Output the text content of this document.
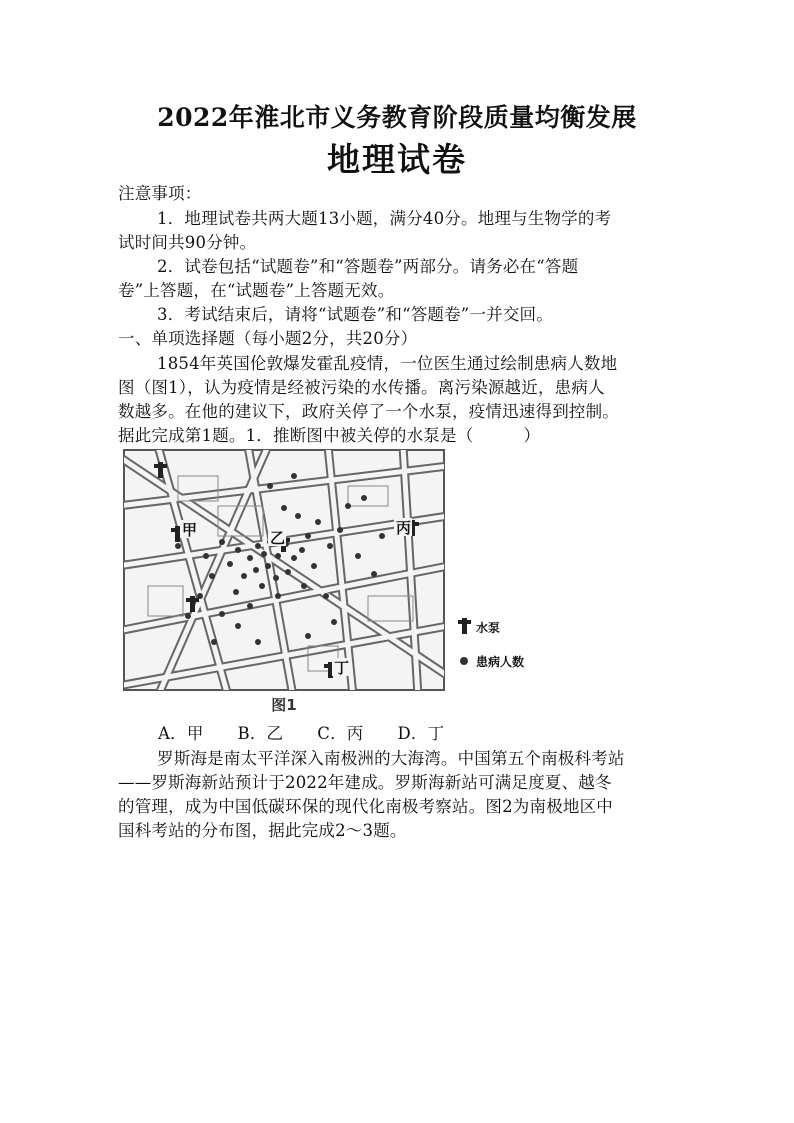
2022年淮北市义务教育阶段质量均衡发展
地理试卷
注意事项：
1．地理试卷共两大题13小题，满分40分。地理与生物学的考
试时间共90分钟。
2．试卷包括“试题卷”和“答题卷”两部分。请务必在“答题
卷”上答题，在“试题卷”上答题无效。
3．考试结束后，请将“试题卷”和“答题卷”一并交回。
一、单项选择题（每小题2分，共20分）
1854年英国伦敦爆发霍乱疫情，一位医生通过绘制患病人数地
图（图1），认为疫情是经被污染的水传播。离污染源越近，患病人
数越多。在他的建议下，政府关停了一个水泵，疫情迅速得到控制。
据此完成第1题。1．推断图中被关停的水泵是（　　　）
甲	乙
丙
丁
水泵
患病人数
图1
A．甲 B．乙 C．丙 D．丁
罗斯海是南太平洋深入南极洲的大海湾。中国第五个南极科考站
——罗斯海新站预计于2022年建成。罗斯海新站可满足度夏、越冬
的管理，成为中国低碳环保的现代化南极考察站。图2为南极地区中
国科考站的分布图，据此完成2～3题。
